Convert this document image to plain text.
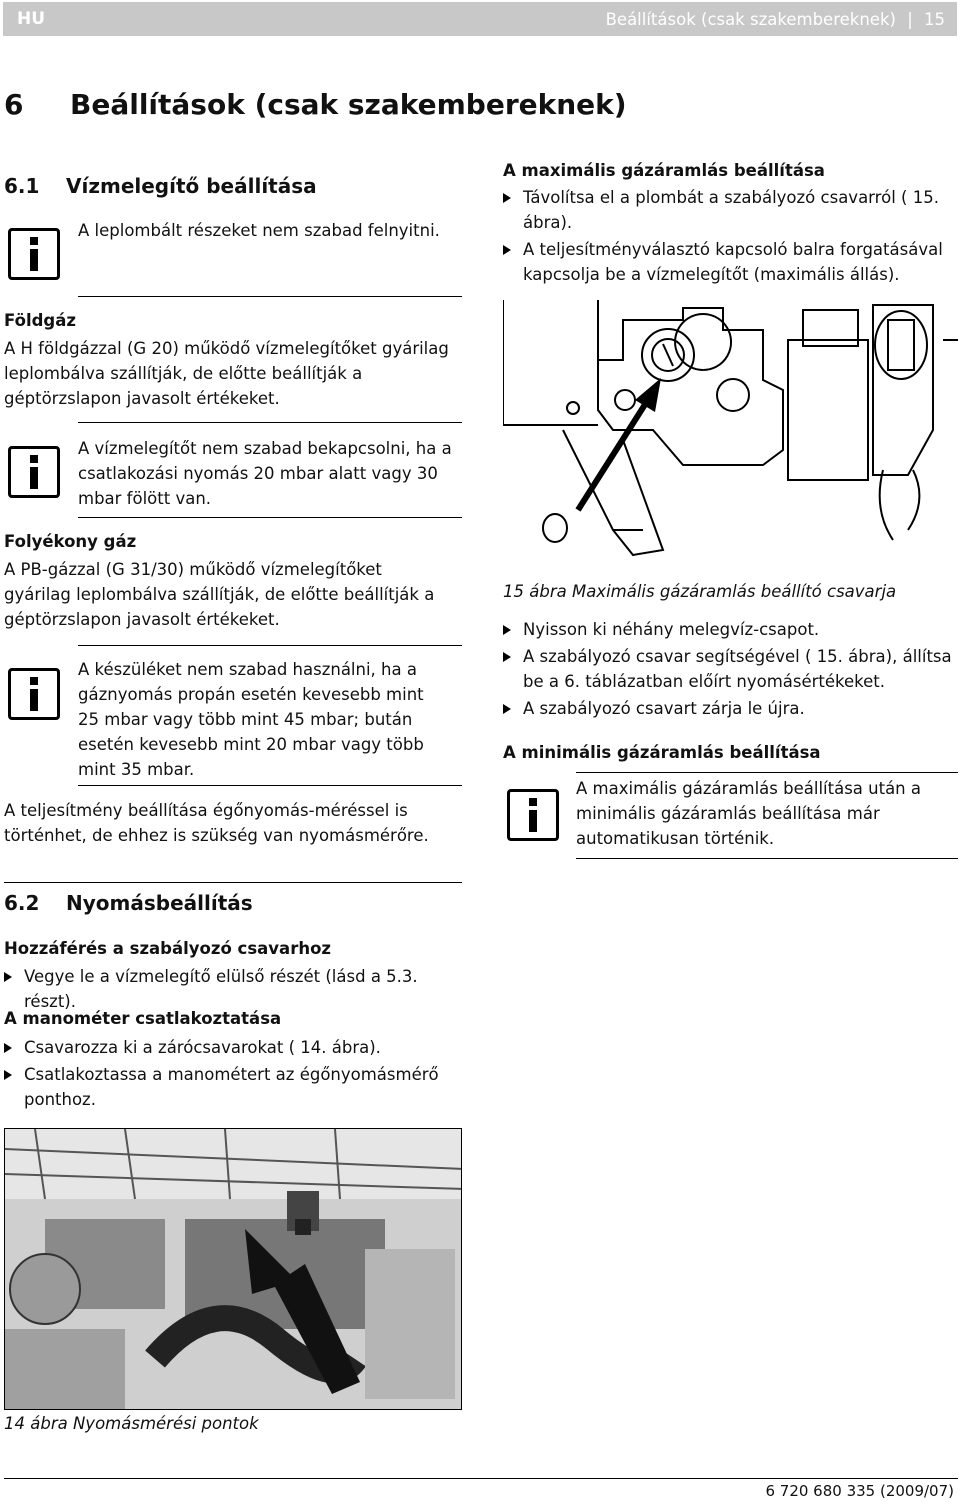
HU	Beállítások (csak szakembereknek) | 15
6 Beállítások (csak szakembereknek)
6.1 Vízmelegítő beállítása
A leplombált részeket nem szabad felnyitni.
Földgáz
A H földgázzal (G 20) működő vízmelegítőket gyárilag leplombálva szállítják, de előtte beállítják a géptörzslapon javasolt értékeket.
A vízmelegítőt nem szabad bekapcsolni, ha a csatlakozási nyomás 20 mbar alatt vagy 30 mbar fölött van.
Folyékony gáz
A PB-gázzal (G 31/30) működő vízmelegítőket gyárilag leplombálva szállítják, de előtte beállítják a géptörzslapon javasolt értékeket.
A készüléket nem szabad használni, ha a gáznyomás propán esetén kevesebb mint 25 mbar vagy több mint 45 mbar; bután esetén kevesebb mint 20 mbar vagy több mint 35 mbar.
A teljesítmény beállítása égőnyomás-méréssel is történhet, de ehhez is szükség van nyomásmérőre.
A maximális gázáramlás beállítása
Távolítsa el a plombát a szabályozó csavarról ( 15. ábra).
A teljesítményválasztó kapcsoló balra forgatásával kapcsolja be a vízmelegítőt (maximális állás).
15 ábra Maximális gázáramlás beállító csavarja
Nyisson ki néhány melegvíz-csapot.
A szabályozó csavar segítségével ( 15. ábra), állítsa be a 6. táblázatban előírt nyomásértékeket.
A szabályozó csavart zárja le újra.
A minimális gázáramlás beállítása
A maximális gázáramlás beállítása után a minimális gázáramlás beállítása már automatikusan történik.
6.2 Nyomásbeállítás
Hozzáférés a szabályozó csavarhoz
Vegye le a vízmelegítő elülső részét (lásd a 5.3. részt).
A manométer csatlakoztatása
Csavarozza ki a zárócsavarokat ( 14. ábra).
Csatlakoztassa a manométert az égőnyomásmérő ponthoz.
14 ábra Nyomásmérési pontok
6 720 680 335 (2009/07)
